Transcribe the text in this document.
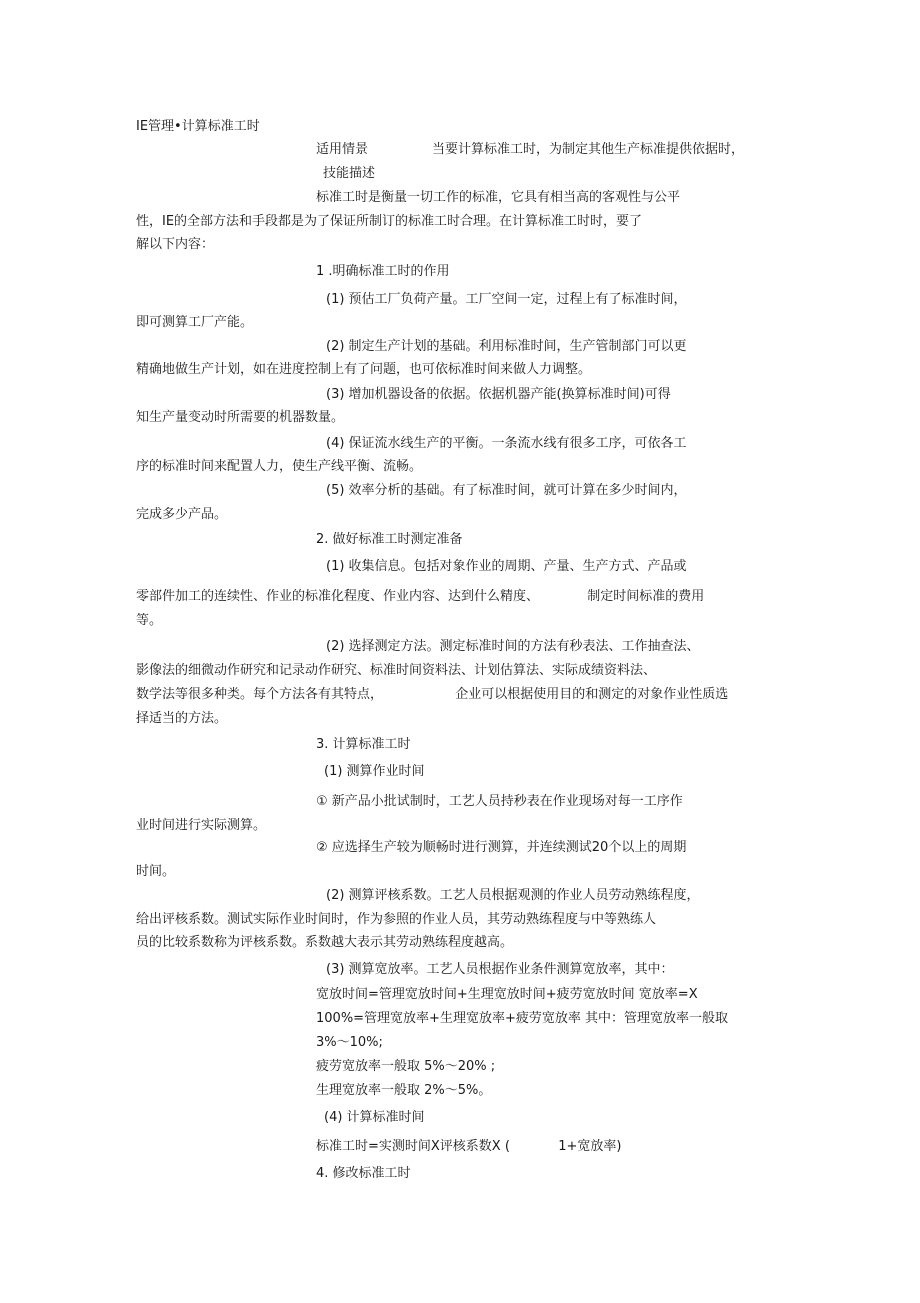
IE管理•计算标准工时
适用情景	当要计算标准工时，为制定其他生产标准提供依据时，
技能描述
标准工时是衡量一切工作的标准，它具有相当高的客观性与公平
性，IE的全部方法和手段都是为了保证所制订的标准工时合理。在计算标准工时时，要了
解以下内容：
1 .明确标准工时的作用
(1) 预估工厂负荷产量。工厂空间一定，过程上有了标准时间，
即可测算工厂产能。
(2) 制定生产计划的基础。利用标准时间，生产管制部门可以更
精确地做生产计划，如在进度控制上有了问题，也可依标准时间来做人力调整。
(3) 增加机器设备的依据。依据机器产能(换算标准时间)可得
知生产量变动时所需要的机器数量。
(4) 保证流水线生产的平衡。一条流水线有很多工序，可依各工
序的标准时间来配置人力，使生产线平衡、流畅。
(5) 效率分析的基础。有了标准时间，就可计算在多少时间内，
完成多少产品。
2. 做好标准工时测定准备
(1) 收集信息。包括对象作业的周期、产量、生产方式、产品或
零部件加工的连续性、作业的标准化程度、作业内容、达到什么精度、	制定时间标准的费用
等。
(2) 选择测定方法。测定标准时间的方法有秒表法、工作抽查法、
影像法的细微动作研究和记录动作研究、标准时间资料法、计划估算法、实际成绩资料法、
数学法等很多种类。每个方法各有其特点，	企业可以根据使用目的和测定的对象作业性质选
择适当的方法。
3. 计算标准工时
(1) 测算作业时间
① 新产品小批试制时，工艺人员持秒表在作业现场对每一工序作
业时间进行实际测算。
② 应选择生产较为顺畅时进行测算，并连续测试20个以上的周期
时间。
(2) 测算评核系数。工艺人员根据观测的作业人员劳动熟练程度，
给出评核系数。测试实际作业时间时，作为参照的作业人员，其劳动熟练程度与中等熟练人
员的比较系数称为评核系数。系数越大表示其劳动熟练程度越高。
(3) 测算宽放率。工艺人员根据作业条件测算宽放率，其中：
宽放时间=管理宽放时间+生理宽放时间+疲劳宽放时间 宽放率=X
100%=管理宽放率+生理宽放率+疲劳宽放率 其中：管理宽放率一般取
3%～10%;
疲劳宽放率一般取 5%～20% ;
生理宽放率一般取 2%～5%。
(4) 计算标准时间
标准工时=实测时间X评核系数X (	1+宽放率)
4. 修改标准工时
